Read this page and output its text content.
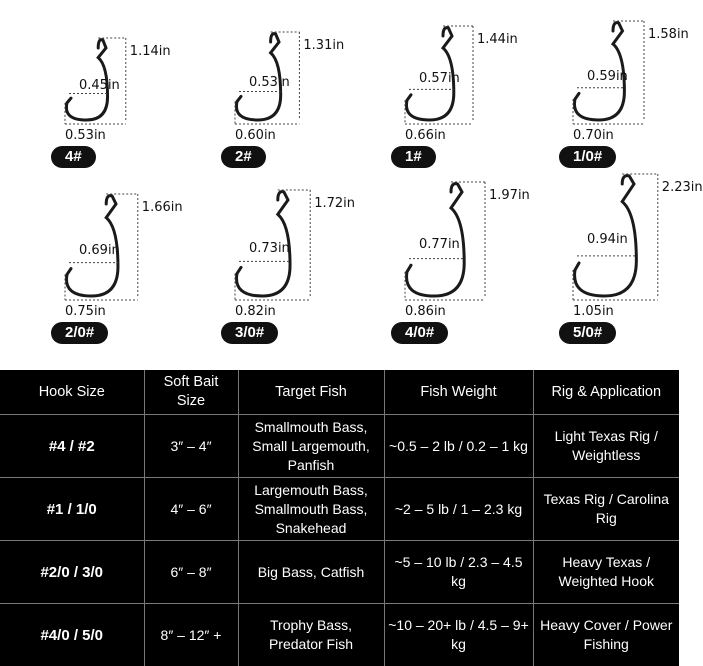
1.14in
0.45in
0.53in
4#
1.31in
0.53in
0.60in
2#
1.44in
0.57in
0.66in
1#
1.58in
0.59in
0.70in
1/0#
1.66in
0.69in
0.75in
2/0#
1.72in
0.73in
0.82in
3/0#
1.97in
0.77in
0.86in
4/0#
2.23in
0.94in
1.05in
5/0#
Hook Size	Soft Bait Size	Target Fish	Fish Weight	Rig & Application
#4 / #2	3″ – 4″	Smallmouth Bass, Small Largemouth, Panfish	~0.5 – 2 lb / 0.2 – 1 kg	Light Texas Rig / Weightless
#1 / 1/0	4″ – 6″	Largemouth Bass, Smallmouth Bass, Snakehead	~2 – 5 lb / 1 – 2.3 kg	Texas Rig / Carolina Rig
#2/0 / 3/0	6″ – 8″	Big Bass, Catfish	~5 – 10 lb / 2.3 – 4.5 kg	Heavy Texas / Weighted Hook
#4/0 / 5/0	8″ – 12″ +	Trophy Bass, Predator Fish	~10 – 20+ lb / 4.5 – 9+ kg	Heavy Cover / Power Fishing
